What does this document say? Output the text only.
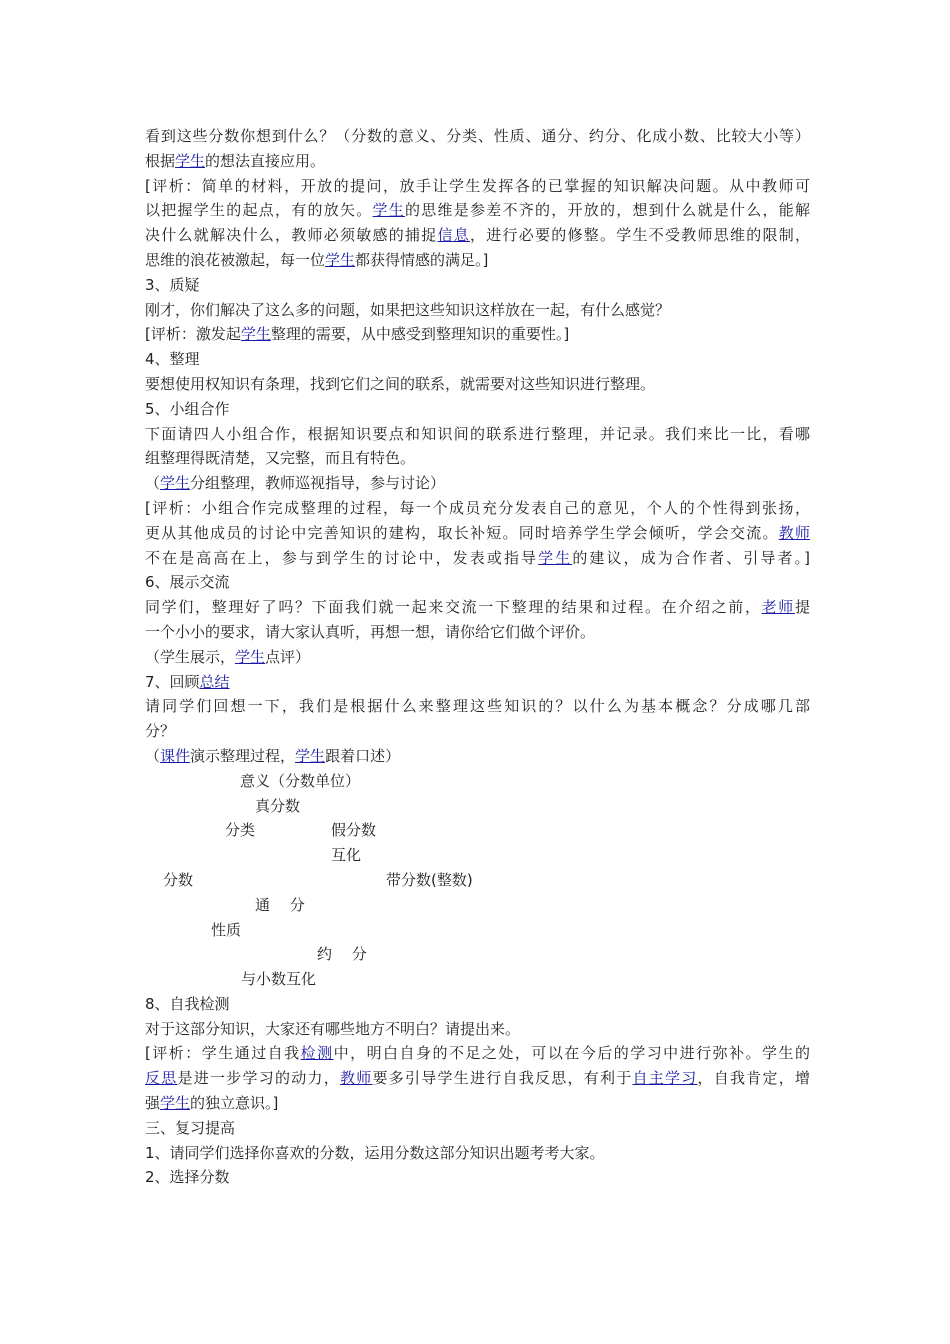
看到这些分数你想到什么？（分数的意义、分类、性质、通分、约分、化成小数、比较大小等）
根据学生的想法直接应用。
[评析：简单的材料，开放的提问，放手让学生发挥各的已掌握的知识解决问题。从中教师可
以把握学生的起点，有的放矢。学生的思维是参差不齐的，开放的，想到什么就是什么，能解
决什么就解决什么，教师必须敏感的捕捉信息，进行必要的修整。学生不受教师思维的限制，
思维的浪花被激起，每一位学生都获得情感的满足。]
3、质疑
刚才，你们解决了这么多的问题，如果把这些知识这样放在一起，有什么感觉？
[评析：激发起学生整理的需要，从中感受到整理知识的重要性。]
4、整理
要想使用权知识有条理，找到它们之间的联系，就需要对这些知识进行整理。
5、小组合作
下面请四人小组合作，根据知识要点和知识间的联系进行整理，并记录。我们来比一比，看哪
组整理得既清楚，又完整，而且有特色。
（学生分组整理，教师巡视指导，参与讨论）
[评析：小组合作完成整理的过程，每一个成员充分发表自己的意见，个人的个性得到张扬，
更从其他成员的讨论中完善知识的建构，取长补短。同时培养学生学会倾听，学会交流。教师
不在是高高在上，参与到学生的讨论中，发表或指导学生的建议，成为合作者、引导者。]
6、展示交流
同学们，整理好了吗？下面我们就一起来交流一下整理的结果和过程。在介绍之前，老师提
一个小小的要求，请大家认真听，再想一想，请你给它们做个评价。
（学生展示，学生点评）
7、回顾总结
请同学们回想一下，我们是根据什么来整理这些知识的？以什么为基本概念？分成哪几部
分？
（课件演示整理过程，学生跟着口述）
意义（分数单位）
真分数
分类	假分数
互化
分数	带分数(整数)
通　 分
性质
约　 分
与小数互化
8、自我检测
对于这部分知识，大家还有哪些地方不明白？请提出来。
[评析：学生通过自我检测中，明白自身的不足之处，可以在今后的学习中进行弥补。学生的
反思是进一步学习的动力，教师要多引导学生进行自我反思，有利于自主学习，自我肯定，增
强学生的独立意识。]
三、复习提高
1、请同学们选择你喜欢的分数，运用分数这部分知识出题考考大家。
2、选择分数
